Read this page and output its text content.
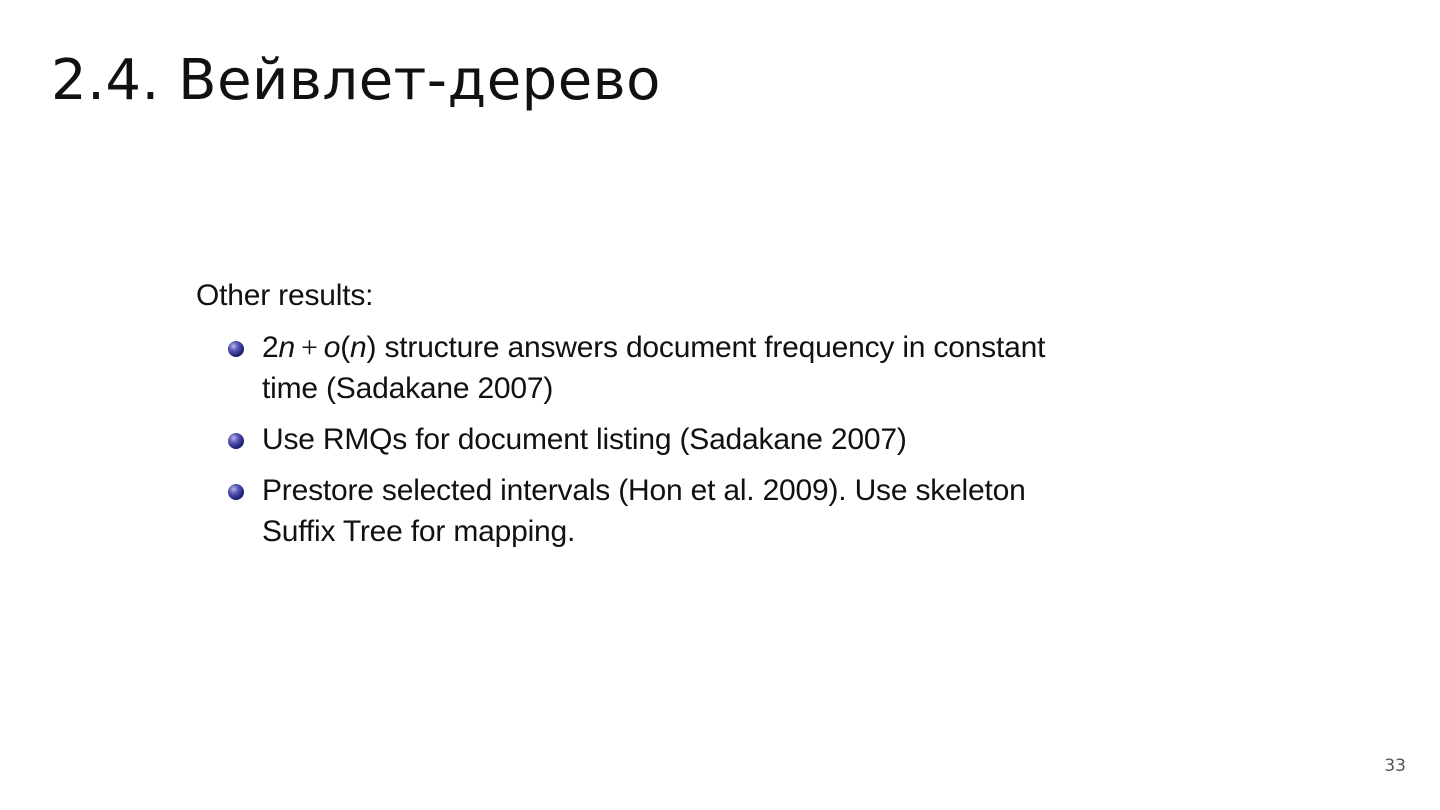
2.4. Вейвлет-дерево

Other results:

2n + o(n) structure answers document frequency in constant
time (Sadakane 2007)
Use RMQs for document listing (Sadakane 2007)
Prestore selected intervals (Hon et al. 2009). Use skeleton
Suffix Tree for mapping.
33
